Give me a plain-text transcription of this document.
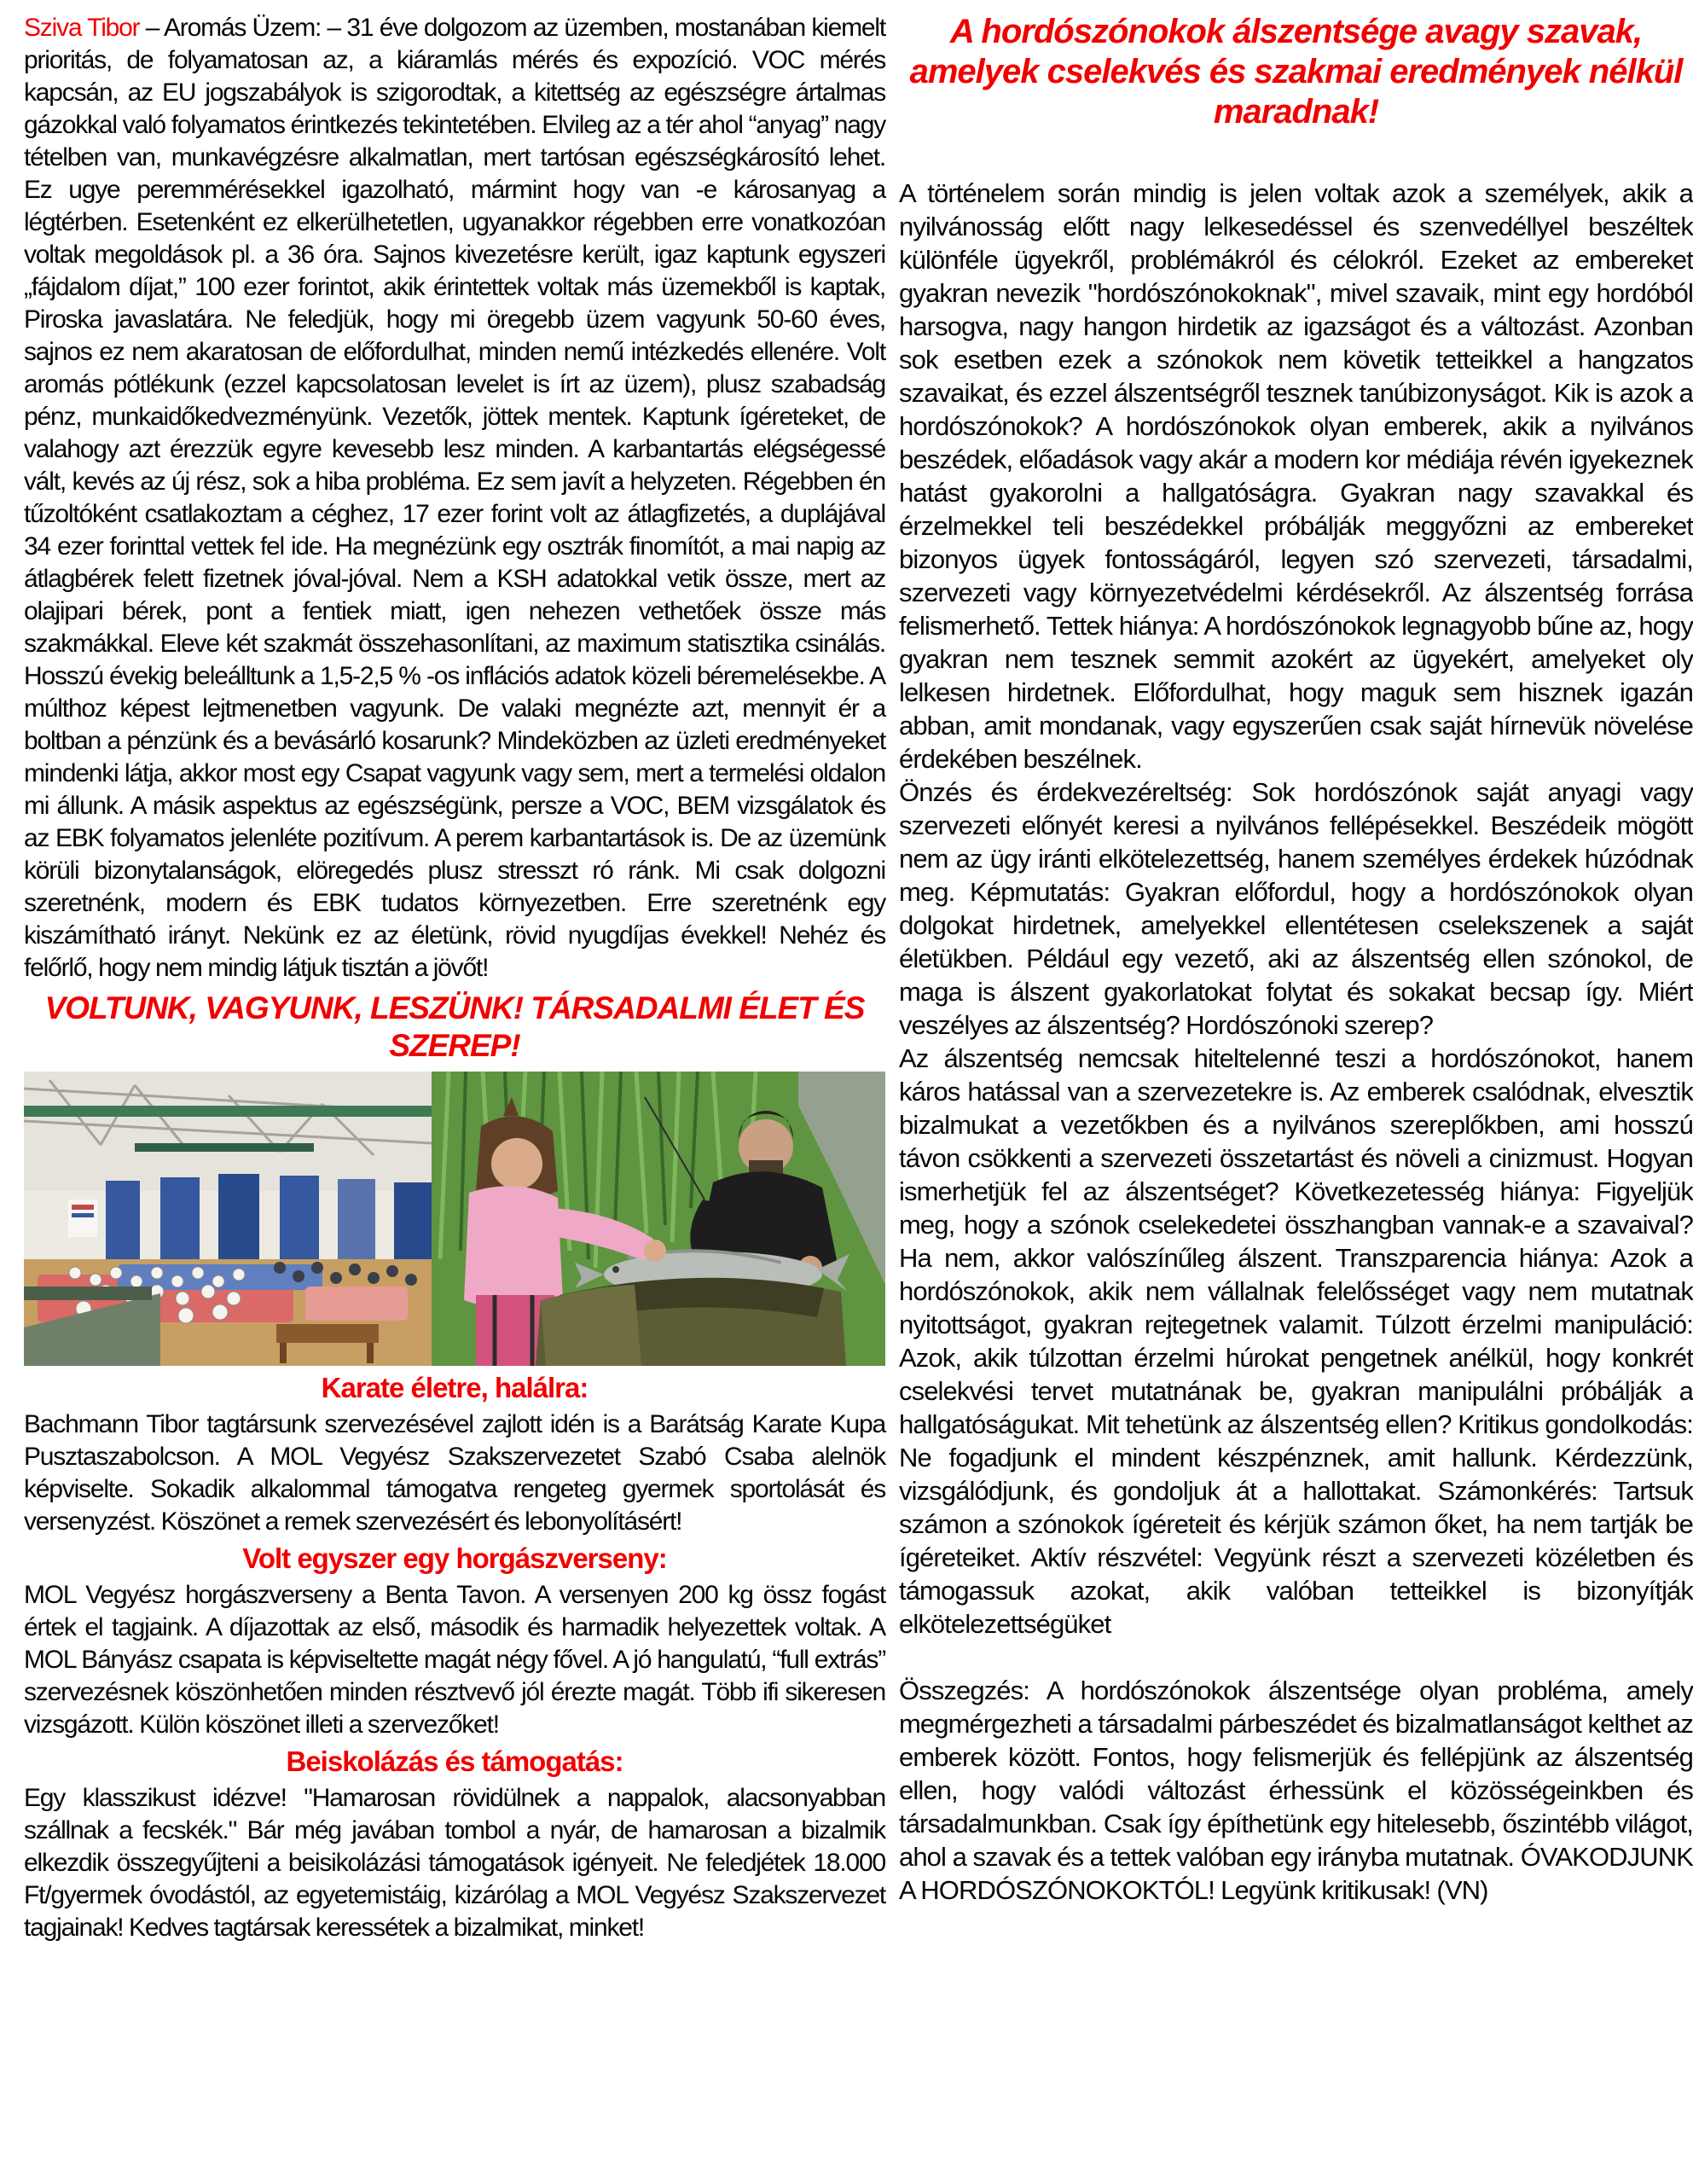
Sziva Tibor – Aromás Üzem: – 31 éve dolgozom az üzemben, mostanában kiemelt prioritás, de folyamatosan az, a kiáramlás mérés és expozíció. VOC mérés kapcsán, az EU jogszabályok is szigorodtak, a kitettség az egészségre ártalmas gázokkal való folyamatos érintkezés tekintetében. Elvileg az a tér ahol “anyag” nagy tételben van, munkavégzésre alkalmatlan, mert tartósan egészségkárosító lehet. Ez ugye peremmérésekkel igazolható, mármint hogy van -e károsanyag a légtérben. Esetenként ez elkerülhetetlen, ugyanakkor régebben erre vonatkozóan voltak megoldások pl. a 36 óra. Sajnos kivezetésre került, igaz kaptunk egyszeri „fájdalom díjat,” 100 ezer forintot, akik érintettek voltak más üzemekből is kaptak, Piroska javaslatára. Ne feledjük, hogy mi öregebb üzem vagyunk 50-60 éves, sajnos ez nem akaratosan de előfordulhat, minden nemű intézkedés ellenére. Volt aromás pótlékunk (ezzel kapcsolatosan levelet is írt az üzem), plusz szabadság pénz, munkaidőkedvezményünk. Vezetők, jöttek mentek. Kaptunk ígéreteket, de valahogy azt érezzük egyre kevesebb lesz minden. A karbantartás elégségessé vált, kevés az új rész, sok a hiba probléma. Ez sem javít a helyzeten. Régebben én tűzoltóként csatlakoztam a céghez, 17 ezer forint volt az átlagfizetés, a duplájával 34 ezer forinttal vettek fel ide. Ha megnézünk egy osztrák finomítót, a mai napig az átlagbérek felett fizetnek jóval-jóval. Nem a KSH adatokkal vetik össze, mert az olajipari bérek, pont a fentiek miatt, igen nehezen vethetőek össze más szakmákkal. Eleve két szakmát összehasonlítani, az maximum statisztika csinálás. Hosszú évekig beleálltunk a 1,5-2,5 % -os inflációs adatok közeli béremelésekbe. A múlthoz képest lejtmenetben vagyunk. De valaki megnézte azt, mennyit ér a boltban a pénzünk és a bevásárló kosarunk? Mindeközben az üzleti eredményeket mindenki látja, akkor most egy Csapat vagyunk vagy sem, mert a termelési oldalon mi állunk. A másik aspektus az egészségünk, persze a VOC, BEM vizsgálatok és az EBK folyamatos jelenléte pozitívum. A perem karbantartások is. De az üzemünk körüli bizonytalanságok, elöregedés plusz stresszt ró ránk. Mi csak dolgozni szeretnénk, modern és EBK tudatos környezetben. Erre szeretnénk egy kiszámítható irányt. Nekünk ez az életünk, rövid nyugdíjas évekkel! Nehéz és felőrlő, hogy nem mindig látjuk tisztán a jövőt!

VOLTUNK, VAGYUNK, LESZÜNK! TÁRSADALMI ÉLET ÉS SZEREP!
Karate életre, halálra:

Bachmann Tibor tagtársunk szervezésével zajlott idén is a Barátság Karate Kupa Pusztaszabolcson. A MOL Vegyész Szakszervezetet Szabó Csaba alelnök képviselte. Sokadik alkalommal támogatva rengeteg gyermek sportolását és versenyzést. Köszönet a remek szervezésért és lebonyolításért!

Volt egyszer egy horgászverseny:

MOL Vegyész horgászverseny a Benta Tavon. A versenyen 200 kg össz fogást értek el tagjaink. A díjazottak az első, második és harmadik helyezettek voltak. A MOL Bányász csapata is képviseltette magát négy fővel. A jó hangulatú, “full extrás” szervezésnek köszönhetően minden résztvevő jól érezte magát. Több ifi sikeresen vizsgázott. Külön köszönet illeti a szervezőket!

Beiskolázás és támogatás:

Egy klasszikust idézve! "Hamarosan rövidülnek a nappalok, alacsonyabban szállnak a fecskék." Bár még javában tombol a nyár, de hamarosan a bizalmik elkezdik összegyűjteni a beisikolázási támogatások igényeit. Ne feledjétek 18.000 Ft/gyermek óvodástól, az egyetemistáig, kizárólag a MOL Vegyész Szakszervezet tagjainak! Kedves tagtársak keressétek a bizalmikat, minket!

A hordószónokok álszentsége avagy szavak, amelyek cselekvés és szakmai eredmények nélkül maradnak!

A történelem során mindig is jelen voltak azok a személyek, akik a nyilvánosság előtt nagy lelkesedéssel és szenvedéllyel beszéltek különféle ügyekről, problémákról és célokról. Ezeket az embereket gyakran nevezik "hordószónokoknak", mivel szavaik, mint egy hordóból harsogva, nagy hangon hirdetik az igazságot és a változást. Azonban sok esetben ezek a szónokok nem követik tetteikkel a hangzatos szavaikat, és ezzel álszentségről tesznek tanúbizonyságot. Kik is azok a hordószónokok? A hordószónokok olyan emberek, akik a nyilvános beszédek, előadások vagy akár a modern kor médiája révén igyekeznek hatást gyakorolni a hallgatóságra. Gyakran nagy szavakkal és érzelmekkel teli beszédekkel próbálják meggyőzni az embereket bizonyos ügyek fontosságáról, legyen szó szervezeti, társadalmi, szervezeti vagy környezetvédelmi kérdésekről. Az álszentség forrása felismerhető. Tettek hiánya: A hordószónokok legnagyobb bűne az, hogy gyakran nem tesznek semmit azokért az ügyekért, amelyeket oly lelkesen hirdetnek. Előfordulhat, hogy maguk sem hisznek igazán abban, amit mondanak, vagy egyszerűen csak saját hírnevük növelése érdekében beszélnek.

Önzés és érdekvezéreltség: Sok hordószónok saját anyagi vagy szervezeti előnyét keresi a nyilvános fellépésekkel. Beszédeik mögött nem az ügy iránti elkötelezettség, hanem személyes érdekek húzódnak meg. Képmutatás: Gyakran előfordul, hogy a hordószónokok olyan dolgokat hirdetnek, amelyekkel ellentétesen cselekszenek a saját életükben. Például egy vezető, aki az álszentség ellen szónokol, de maga is álszent gyakorlatokat folytat és sokakat becsap így. Miért veszélyes az álszentség? Hordószónoki szerep?

Az álszentség nemcsak hiteltelenné teszi a hordószónokot, hanem káros hatással van a szervezetekre is. Az emberek csalódnak, elvesztik bizalmukat a vezetőkben és a nyilvános szereplőkben, ami hosszú távon csökkenti a szervezeti összetartást és növeli a cinizmust. Hogyan ismerhetjük fel az álszentséget? Következetesség hiánya: Figyeljük meg, hogy a szónok cselekedetei összhangban vannak-e a szavaival? Ha nem, akkor valószínűleg álszent. Transzparencia hiánya: Azok a hordószónokok, akik nem vállalnak felelősséget vagy nem mutatnak nyitottságot, gyakran rejtegetnek valamit. Túlzott érzelmi manipuláció: Azok, akik túlzottan érzelmi húrokat pengetnek anélkül, hogy konkrét cselekvési tervet mutatnának be, gyakran manipulálni próbálják a hallgatóságukat. Mit tehetünk az álszentség ellen? Kritikus gondolkodás: Ne fogadjunk el mindent készpénznek, amit hallunk. Kérdezzünk, vizsgálódjunk, és gondoljuk át a hallottakat. Számonkérés: Tartsuk számon a szónokok ígéreteit és kérjük számon őket, ha nem tartják be ígéreteiket. Aktív részvétel: Vegyünk részt a szervezeti közéletben és támogassuk azokat, akik valóban tetteikkel is bizonyítják elkötelezettségüket

Összegzés: A hordószónokok álszentsége olyan probléma, amely megmérgezheti a társadalmi párbeszédet és bizalmatlanságot kelthet az emberek között. Fontos, hogy felismerjük és fellépjünk az álszentség ellen, hogy valódi változást érhessünk el közösségeinkben és társadalmunkban. Csak így építhetünk egy hitelesebb, őszintébb világot, ahol a szavak és a tettek valóban egy irányba mutatnak. ÓVAKODJUNK A HORDÓSZÓNOKOKTÓL! Legyünk kritikusak! (VN)
